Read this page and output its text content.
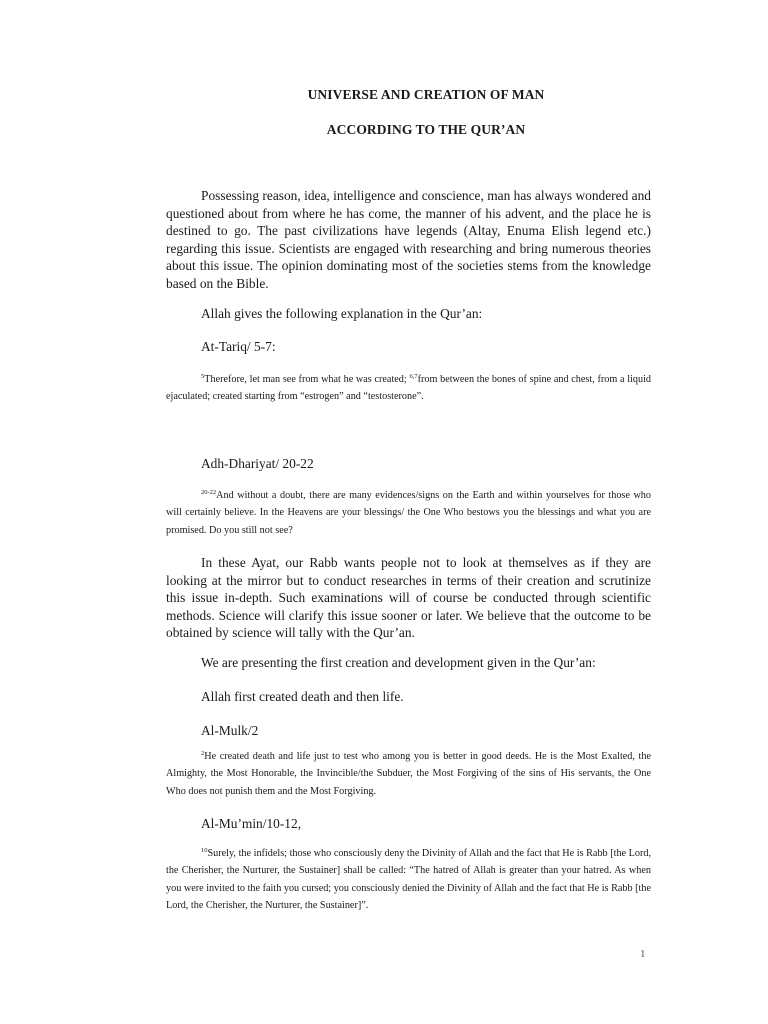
UNIVERSE AND CREATION OF MAN
ACCORDING TO THE QUR’AN

Possessing reason, idea, intelligence and conscience, man has always wondered and questioned about from where he has come, the manner of his advent, and the place he is destined to go. The past civilizations have legends (Altay, Enuma Elish legend etc.) regarding this issue. Scientists are engaged with researching and bring numerous theories about this issue. The opinion dominating most of the societies stems from the knowledge based on the Bible.

Allah gives the following explanation in the Qur’an:

At-Tariq/ 5-7:

$^5$Therefore, let man see from what he was created; $^{6,7}$from between the bones of spine and chest, from a liquid ejaculated; created starting from “estrogen” and “testosterone”.

Adh-Dhariyat/ 20-22

$^{20-22}$And without a doubt, there are many evidences/signs on the Earth and within yourselves for those who will certainly believe. In the Heavens are your blessings/ the One Who bestows you the blessings and what you are promised. Do you still not see?

In these Ayat, our Rabb wants people not to look at themselves as if they are looking at the mirror but to conduct researches in terms of their creation and scrutinize this issue in-depth. Such examinations will of course be conducted through scientific methods. Science will clarify this issue sooner or later. We believe that the outcome to be obtained by science will tally with the Qur’an.

We are presenting the first creation and development given in the Qur’an:

Allah first created death and then life.

Al-Mulk/2

$^2$He created death and life just to test who among you is better in good deeds. He is the Most Exalted, the Almighty, the Most Honorable, the Invincible/the Subduer, the Most Forgiving of the sins of His servants, the One Who does not punish them and the Most Forgiving.

Al-Mu’min/10-12,

$^{10}$Surely, the infidels; those who consciously deny the Divinity of Allah and the fact that He is Rabb [the Lord, the Cherisher, the Nurturer, the Sustainer] shall be called: “The hatred of Allah is greater than your hatred. As when you were invited to the faith you cursed; you consciously denied the Divinity of Allah and the fact that He is Rabb [the Lord, the Cherisher, the Nurturer, the Sustainer]”.

1
